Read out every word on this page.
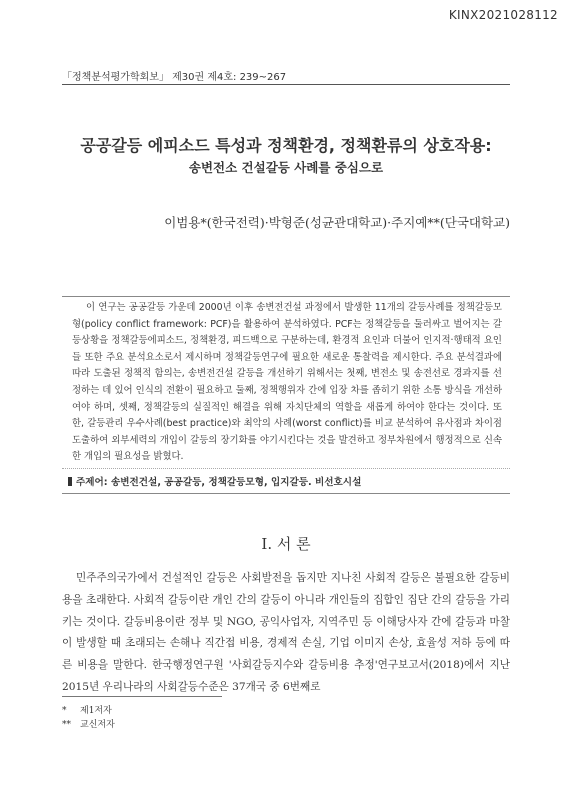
KINX2021028112
「정책분석평가학회보」 제30권 제4호: 239~267
공공갈등 에피소드 특성과 정책환경, 정책환류의 상호작용:
송변전소 건설갈등 사례를 중심으로
이범용*(한국전력)·박형준(성균관대학교)·주지예**(단국대학교)

이 연구는 공공갈등 가운데 2000년 이후 송변전건설 과정에서 발생한 11개의 갈등사례를 정책갈등모형(policy conflict framework: PCF)을 활용하여 분석하였다. PCF는 정책갈등을 둘러싸고 벌어지는 갈등상황을 정책갈등에피소드, 정책환경, 피드백으로 구분하는데, 환경적 요인과 더불어 인지적·행태적 요인들 또한 주요 분석요소로서 제시하며 정책갈등연구에 필요한 새로운 통찰력을 제시한다. 주요 분석결과에 따라 도출된 정책적 함의는, 송변전건설 갈등을 개선하기 위해서는 첫째, 변전소 및 송전선로 경과지를 선정하는 데 있어 인식의 전환이 필요하고 둘째, 정책행위자 간에 입장 차를 좁히기 위한 소통 방식을 개선하여야 하며, 셋째, 정책갈등의 실질적인 해결을 위해 자치단체의 역할을 새롭게 하여야 한다는 것이다. 또한, 갈등관리 우수사례(best practice)와 최악의 사례(worst conflict)를 비교 분석하여 유사점과 차이점 도출하여 외부세력의 개입이 갈등의 장기화를 야기시킨다는 것을 발견하고 정부차원에서 행정적으로 신속한 개입의 필요성을 밝혔다.

주제어: 송변전건설, 공공갈등, 정책갈등모형, 입지갈등. 비선호시설
Ⅰ. 서 론

민주주의국가에서 건설적인 갈등은 사회발전을 돕지만 지나친 사회적 갈등은 불필요한 갈등비용을 초래한다. 사회적 갈등이란 개인 간의 갈등이 아니라 개인들의 집합인 집단 간의 갈등을 가리키는 것이다. 갈등비용이란 정부 및 NGO, 공익사업자, 지역주민 등 이해당사자 간에 갈등과 마찰이 발생할 때 초래되는 손해나 직간접 비용, 경제적 손실, 기업 이미지 손상, 효율성 저하 등에 따른 비용을 말한다. 한국행정연구원 '사회갈등지수와 갈등비용 추정'연구보고서(2018)에서 지난 2015년 우리나라의 사회갈등수준은 37개국 중 6번째로

* 제1저자
** 교신저자
